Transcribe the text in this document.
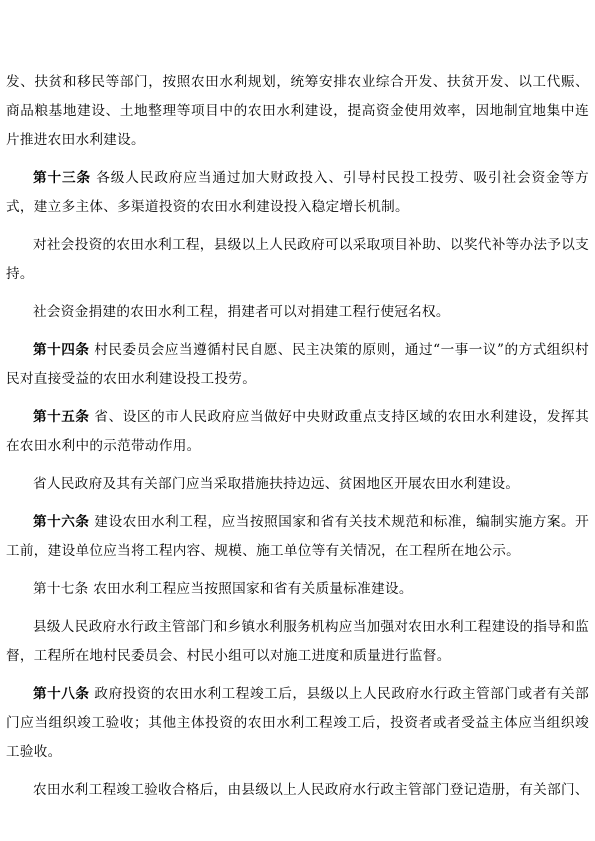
发、扶贫和移民等部门，按照农田水利规划，统筹安排农业综合开发、扶贫开发、以工代赈、商品粮基地建设、土地整理等项目中的农田水利建设，提高资金使用效率，因地制宜地集中连片推进农田水利建设。

第十三条 各级人民政府应当通过加大财政投入、引导村民投工投劳、吸引社会资金等方式，建立多主体、多渠道投资的农田水利建设投入稳定增长机制。

对社会投资的农田水利工程，县级以上人民政府可以采取项目补助、以奖代补等办法予以支持。

社会资金捐建的农田水利工程，捐建者可以对捐建工程行使冠名权。

第十四条 村民委员会应当遵循村民自愿、民主决策的原则，通过“一事一议”的方式组织村民对直接受益的农田水利建设投工投劳。

第十五条 省、设区的市人民政府应当做好中央财政重点支持区域的农田水利建设，发挥其在农田水利中的示范带动作用。

省人民政府及其有关部门应当采取措施扶持边远、贫困地区开展农田水利建设。

第十六条 建设农田水利工程，应当按照国家和省有关技术规范和标准，编制实施方案。开工前，建设单位应当将工程内容、规模、施工单位等有关情况，在工程所在地公示。

第十七条 农田水利工程应当按照国家和省有关质量标准建设。

县级人民政府水行政主管部门和乡镇水利服务机构应当加强对农田水利工程建设的指导和监督，工程所在地村民委员会、村民小组可以对施工进度和质量进行监督。

第十八条 政府投资的农田水利工程竣工后，县级以上人民政府水行政主管部门或者有关部门应当组织竣工验收；其他主体投资的农田水利工程竣工后，投资者或者受益主体应当组织竣工验收。

农田水利工程竣工验收合格后，由县级以上人民政府水行政主管部门登记造册，有关部门、
